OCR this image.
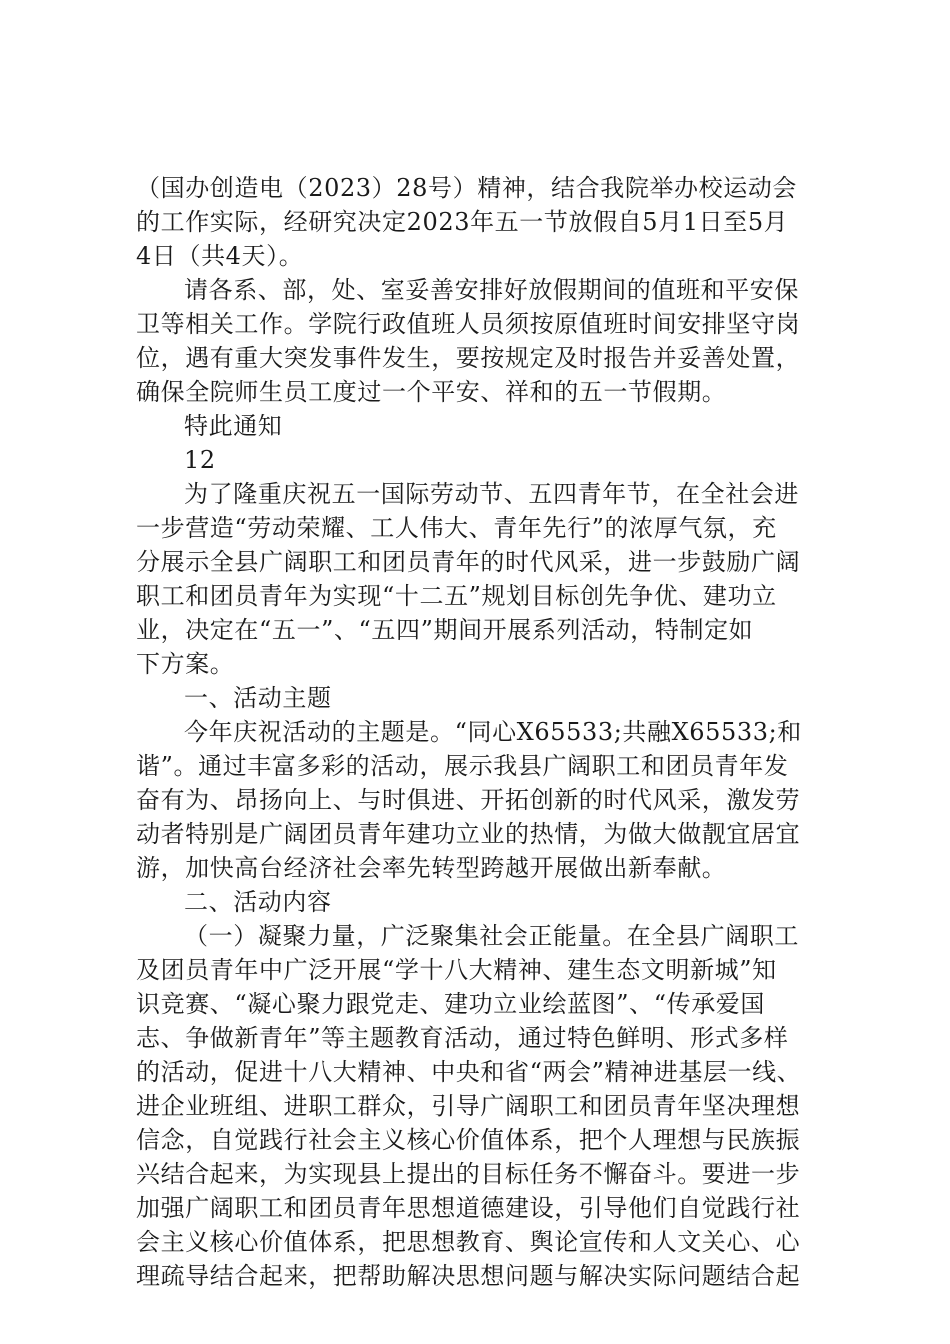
（国办创造电（2023）28号）精神，结合我院举办校运动会
的工作实际，经研究决定2023年五一节放假自5月1日至5月
4日（共4天）。
请各系、部，处、室妥善安排好放假期间的值班和平安保
卫等相关工作。学院行政值班人员须按原值班时间安排坚守岗
位，遇有重大突发事件发生，要按规定及时报告并妥善处置，
确保全院师生员工度过一个平安、祥和的五一节假期。
特此通知
12
为了隆重庆祝五一国际劳动节、五四青年节，在全社会进
一步营造“劳动荣耀、工人伟大、青年先行”的浓厚气氛，充
分展示全县广阔职工和团员青年的时代风采，进一步鼓励广阔
职工和团员青年为实现“十二五”规划目标创先争优、建功立
业，决定在“五一”、“五四”期间开展系列活动，特制定如
下方案。
一、活动主题
今年庆祝活动的主题是。“同心X65533;共融X65533;和
谐”。通过丰富多彩的活动，展示我县广阔职工和团员青年发
奋有为、昂扬向上、与时俱进、开拓创新的时代风采，激发劳
动者特别是广阔团员青年建功立业的热情，为做大做靓宜居宜
游，加快高台经济社会率先转型跨越开展做出新奉献。
二、活动内容
（一）凝聚力量，广泛聚集社会正能量。在全县广阔职工
及团员青年中广泛开展“学十八大精神、建生态文明新城”知
识竞赛、“凝心聚力跟党走、建功立业绘蓝图”、“传承爱国
志、争做新青年”等主题教育活动，通过特色鲜明、形式多样
的活动，促进十八大精神、中央和省“两会”精神进基层一线、
进企业班组、进职工群众，引导广阔职工和团员青年坚决理想
信念，自觉践行社会主义核心价值体系，把个人理想与民族振
兴结合起来，为实现县上提出的目标任务不懈奋斗。要进一步
加强广阔职工和团员青年思想道德建设，引导他们自觉践行社
会主义核心价值体系，把思想教育、舆论宣传和人文关心、心
理疏导结合起来，把帮助解决思想问题与解决实际问题结合起
